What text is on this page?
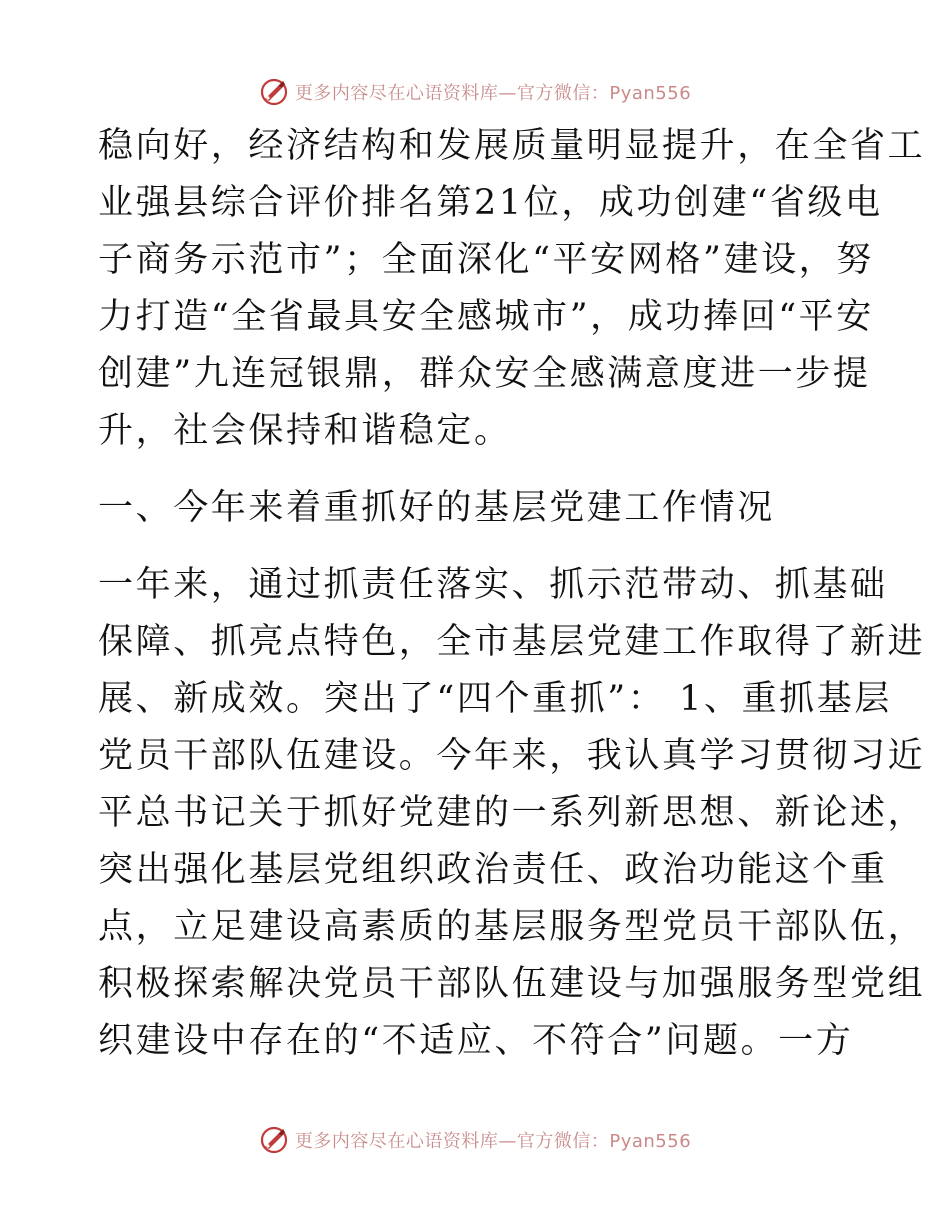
更多内容尽在心语资料库—官方微信：Pyan556
稳向好，经济结构和发展质量明显提升，在全省工
业强县综合评价排名第21位，成功创建“省级电
子商务示范市”；全面深化“平安网格”建设，努
力打造“全省最具安全感城市”，成功捧回“平安
创建”九连冠银鼎，群众安全感满意度进一步提
升，社会保持和谐稳定。
一、今年来着重抓好的基层党建工作情况
一年来，通过抓责任落实、抓示范带动、抓基础
保障、抓亮点特色，全市基层党建工作取得了新进
展、新成效。突出了“四个重抓”： 1、重抓基层
党员干部队伍建设。今年来，我认真学习贯彻习近
平总书记关于抓好党建的一系列新思想、新论述，
突出强化基层党组织政治责任、政治功能这个重
点，立足建设高素质的基层服务型党员干部队伍，
积极探索解决党员干部队伍建设与加强服务型党组
织建设中存在的“不适应、不符合”问题。一方
更多内容尽在心语资料库—官方微信：Pyan556
